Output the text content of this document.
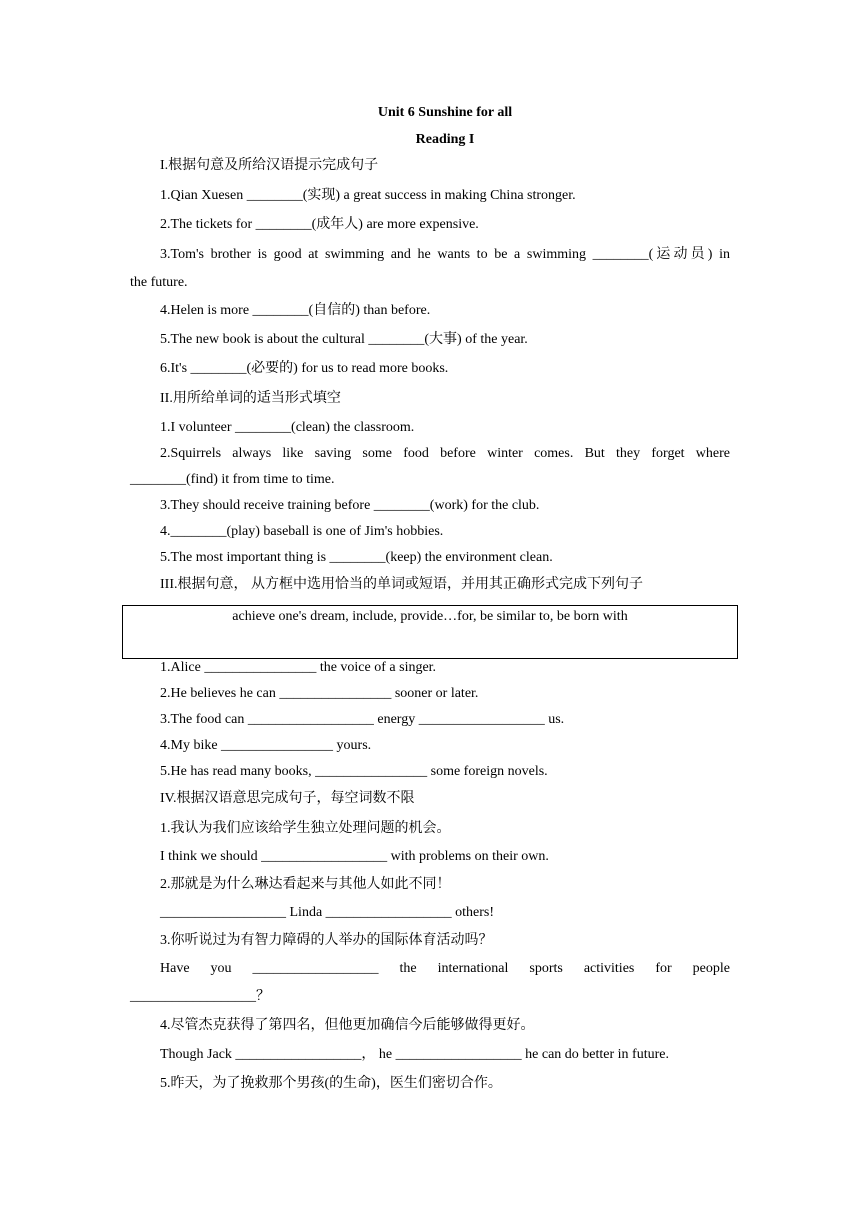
Unit 6 Sunshine for all
Reading I
I.根据句意及所给汉语提示完成句子
1.Qian Xuesen ________(实现) a great success in making China stronger.
2.The tickets for ________(成年人) are more expensive.
3.Tom's brother is good at swimming and he wants to be a swimming ________(运动员) in
the future.
4.Helen is more ________(自信的) than before.
5.The new book is about the cultural ________(大事) of the year.
6.It's ________(必要的) for us to read more books.
II.用所给单词的适当形式填空
1.I volunteer ________(clean) the classroom.
2.Squirrels always like saving some food before winter comes. But they forget where
________(find) it from time to time.
3.They should receive training before ________(work) for the club.
4.________(play) baseball is one of Jim's hobbies.
5.The most important thing is ________(keep) the environment clean.
III.根据句意， 从方框中选用恰当的单词或短语，并用其正确形式完成下列句子
achieve one's dream, include, provide…for, be similar to, be born with
1.Alice ________________ the voice of a singer.
2.He believes he can ________________ sooner or later.
3.The food can __________________ energy __________________ us.
4.My bike ________________ yours.
5.He has read many books, ________________ some foreign novels.
IV.根据汉语意思完成句子，每空词数不限
1.我认为我们应该给学生独立处理问题的机会。
I think we should __________________ with problems on their own.
2.那就是为什么琳达看起来与其他人如此不同！
__________________ Linda __________________ others!
3.你听说过为有智力障碍的人举办的国际体育活动吗？
Have you __________________ the international sports activities for people
__________________？
4.尽管杰克获得了第四名，但他更加确信今后能够做得更好。
Though Jack __________________， he __________________ he can do better in future.
5.昨天，为了挽救那个男孩(的生命)，医生们密切合作。
